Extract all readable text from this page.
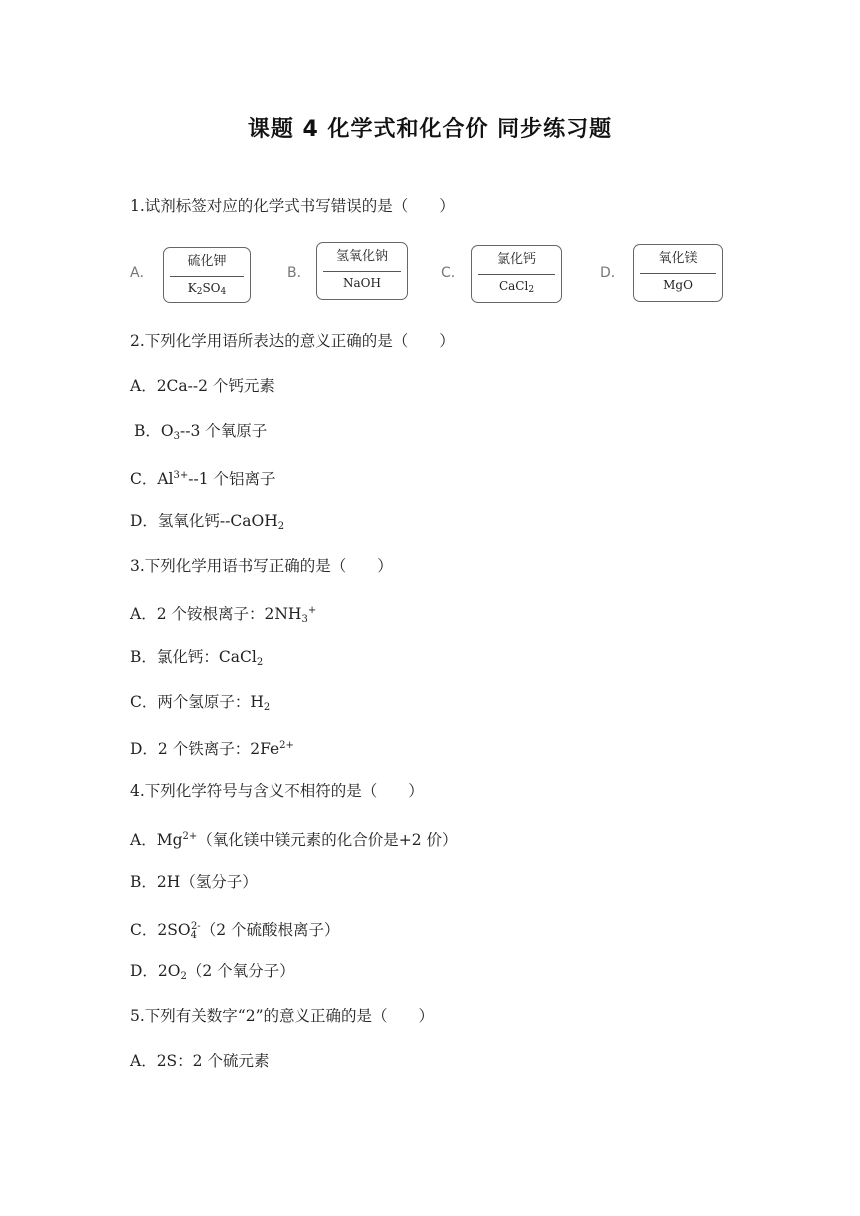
课题 4 化学式和化合价 同步练习题
1.试剂标签对应的化学式书写错误的是（　　）
A．
硫化钾
$K_2SO_4$
B．
氢氧化钠
NaOH
C．
氯化钙
CaCl$_2$
D．
氧化镁
MgO
2.下列化学用语所表达的意义正确的是（　　）
A．2Ca--2 个钙元素
B．$O_3--3$ 个氧原子
C．$Al^{3+}--1$ 个铝离子
D．氢氧化钙--CaOH$_2$
3.下列化学用语书写正确的是（　　）
A．2 个铵根离子：$2NH_3^+$
B．氯化钙：CaCl$_2$
C．两个氢原子：$H_2$
D．2 个铁离子：$2Fe^{2+}$
4.下列化学符号与含义不相符的是（　　）
A．$Mg^{2+}$（氧化镁中镁元素的化合价是+2 价）
B．2H（氢分子）
C．$2SO_4^{2-}(2$ 个硫酸根离子）
D．$2O_2(2$ 个氧分子）
5.下列有关数字“2”的意义正确的是（　　）
A．2S：2 个硫元素
